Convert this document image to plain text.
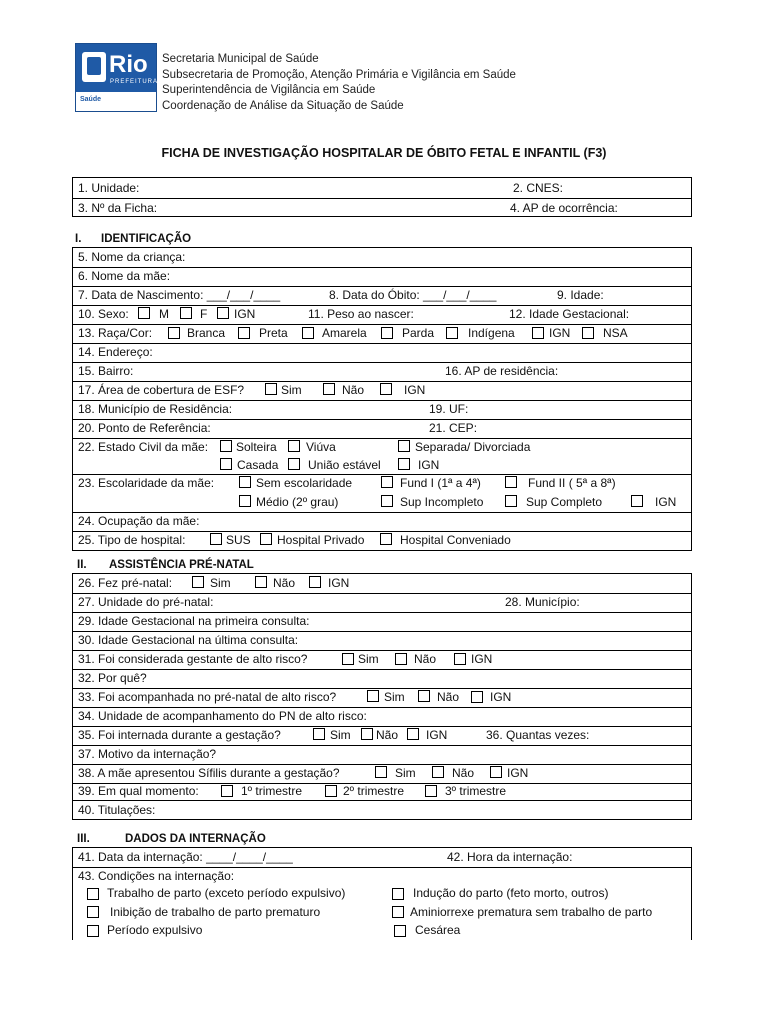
Rio
PREFEITURA
Saúde
Secretaria Municipal de Saúde
Subsecretaria de Promoção, Atenção Primária e Vigilância em Saúde
Superintendência de Vigilância em Saúde
Coordenação de Análise da Situação de Saúde
FICHA DE INVESTIGAÇÃO HOSPITALAR DE ÓBITO FETAL E INFANTIL (F3)
1. Unidade:	2. CNES:
3. Nº da Ficha:	4. AP de ocorrência:
I. IDENTIFICAÇÃO
5. Nome da criança:
6. Nome da mãe:
7. Data de Nascimento: ___/___/____	8. Data do Óbito: ___/___/____	9. Idade:
10. Sexo:	M	F IGN	11. Peso ao nascer:	12. Idade Gestacional:
13. Raça/Cor:	Branca	Preta	Amarela	Parda	Indígena	IGN	NSA
14. Endereço:
15. Bairro:	16. AP de residência:
17. Área de cobertura de ESF?	Sim	Não	IGN
18. Município de Residência:	19. UF:
20. Ponto de Referência:	21. CEP:
22. Estado Civil da mãe: Solteira Viúva	Separada/ Divorciada
Casada União estável	IGN
23. Escolaridade da mãe:	Sem escolaridade	Fund I (1ª a 4ª)	Fund II ( 5ª a 8ª)
Médio (2º grau)	Sup Incompleto	Sup Completo	IGN
24. Ocupação da mãe:
25. Tipo de hospital:	SUS Hospital Privado	Hospital Conveniado
II. ASSISTÊNCIA PRÉ-NATAL
26. Fez pré-natal:	Sim	Não	IGN
27. Unidade do pré-natal:	28. Município:
29. Idade Gestacional na primeira consulta:
30. Idade Gestacional na última consulta:
31. Foi considerada gestante de alto risco?	Sim	Não	IGN
32. Por quê?
33. Foi acompanhada no pré-natal de alto risco?	Sim	Não	IGN
34. Unidade de acompanhamento do PN de alto risco:
35. Foi internada durante a gestação?	Sim Não IGN	36. Quantas vezes:
37. Motivo da internação?
38. A mãe apresentou Sífilis durante a gestação?	Sim	Não	IGN
39. Em qual momento:	1º trimestre	2º trimestre	3º trimestre
40. Titulações:
III.	DADOS DA INTERNAÇÃO
41. Data da internação: ____/____/____	42. Hora da internação:
43. Condições na internação:
Trabalho de parto (exceto período expulsivo)	Indução do parto (feto morto, outros)
Inibição de trabalho de parto prematuro	Aminiorrexe prematura sem trabalho de parto
Período expulsivo	Cesárea
